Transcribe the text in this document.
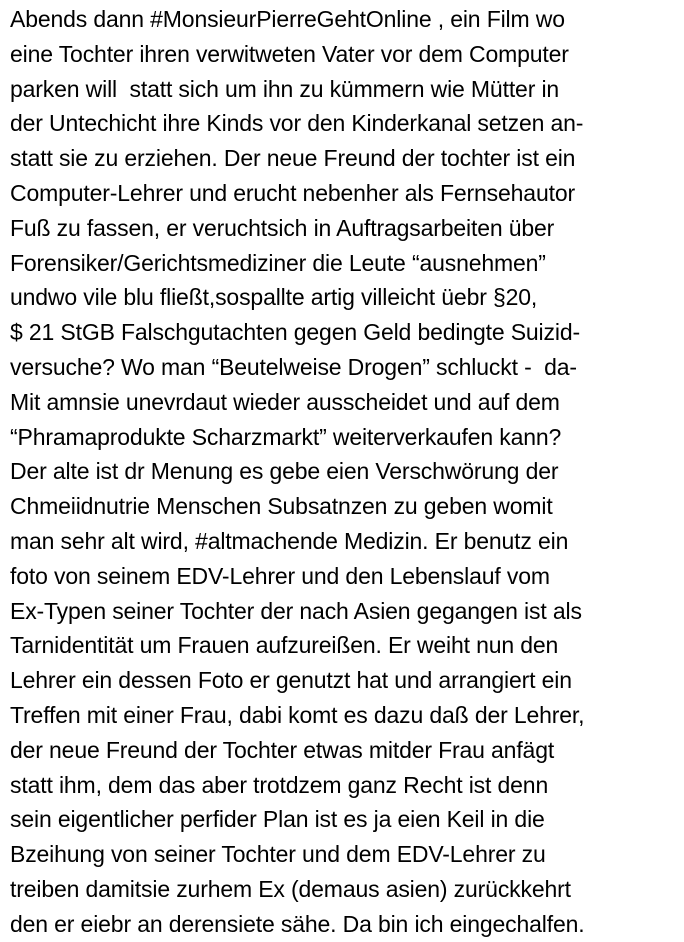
Abends dann #MonsieurPierreGehtOnline , ein Film wo
eine Tochter ihren verwitweten Vater vor dem Computer
parken will  statt sich um ihn zu kümmern wie Mütter in
der Untechicht ihre Kinds vor den Kinderkanal setzen an-
statt sie zu erziehen. Der neue Freund der tochter ist ein
Computer-Lehrer und erucht nebenher als Fernsehautor
Fuß zu fassen, er veruchtsich in Auftragsarbeiten über
Forensiker/Gerichtsmediziner die Leute “ausnehmen”
undwo vile blu fließt,sospallte artig villeicht üebr §20,
$ 21 StGB Falschgutachten gegen Geld bedingte Suizid-
versuche? Wo man “Beutelweise Drogen” schluckt -  da-
Mit amnsie unevrdaut wieder ausscheidet und auf dem
“Phramaprodukte Scharzmarkt” weiterverkaufen kann?
Der alte ist dr Menung es gebe eien Verschwörung der
Chmeiidnutrie Menschen Subsatnzen zu geben womit
man sehr alt wird, #altmachende Medizin. Er benutz ein
foto von seinem EDV-Lehrer und den Lebenslauf vom
Ex-Typen seiner Tochter der nach Asien gegangen ist als
Tarnidentität um Frauen aufzureißen. Er weiht nun den
Lehrer ein dessen Foto er genutzt hat und arrangiert ein
Treffen mit einer Frau, dabi komt es dazu daß der Lehrer,
der neue Freund der Tochter etwas mitder Frau anfägt
statt ihm, dem das aber trotdzem ganz Recht ist denn
sein eigentlicher perfider Plan ist es ja eien Keil in die
Bzeihung von seiner Tochter und dem EDV-Lehrer zu
treiben damitsie zurhem Ex (demaus asien) zurückkehrt
den er eiebr an derensiete sähe. Da bin ich eingechalfen.
